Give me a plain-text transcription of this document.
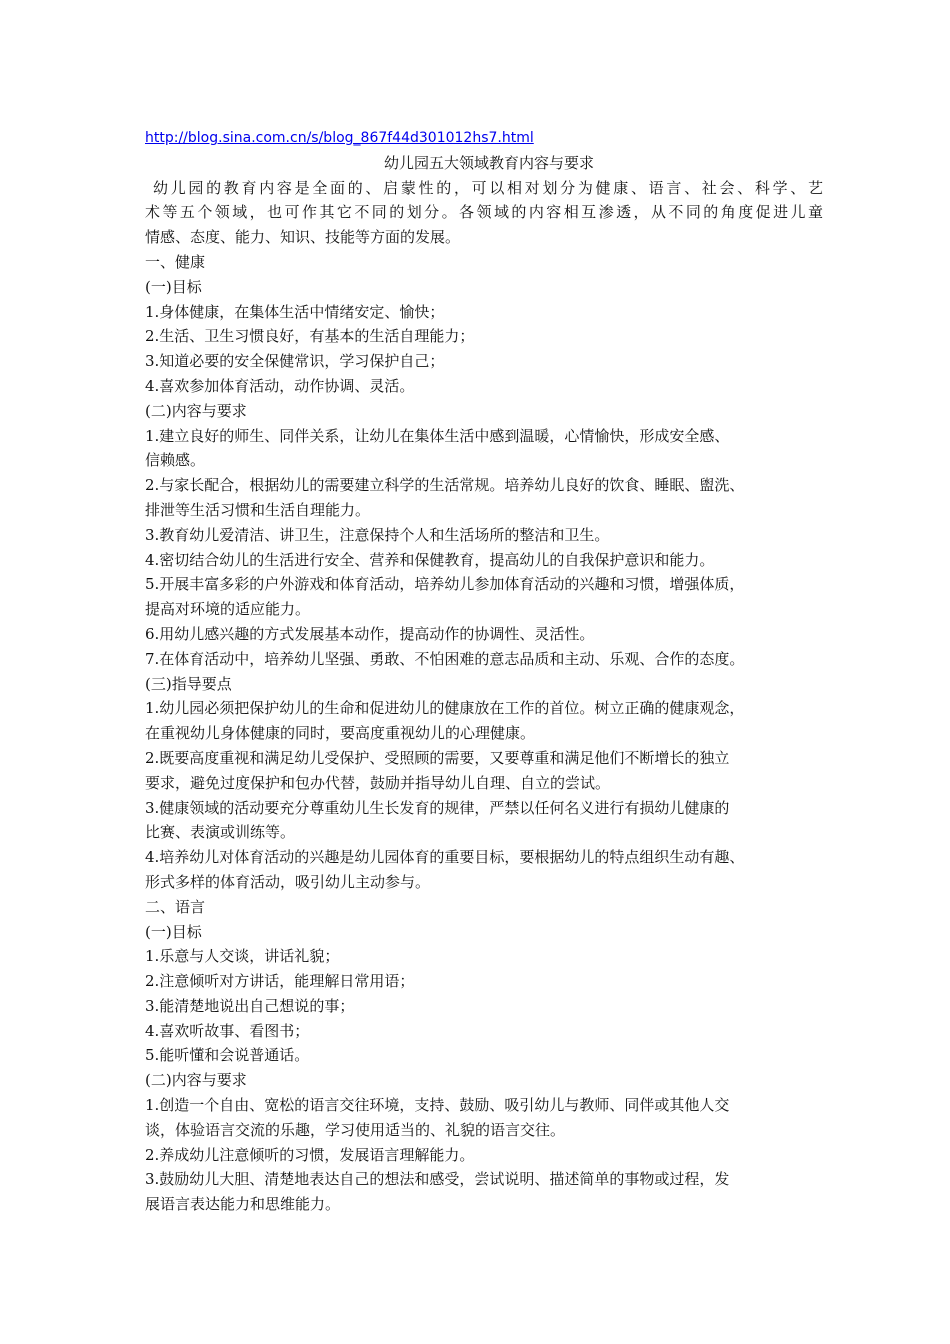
http://blog.sina.com.cn/s/blog_867f44d301012hs7.html
幼儿园五大领域教育内容与要求
幼儿园的教育内容是全面的、启蒙性的，可以相对划分为健康、语言、社会、科学、艺
术等五个领域，也可作其它不同的划分。各领域的内容相互渗透，从不同的角度促进儿童
情感、态度、能力、知识、技能等方面的发展。
一、健康
(一)目标
1.身体健康，在集体生活中情绪安定、愉快；
2.生活、卫生习惯良好，有基本的生活自理能力；
3.知道必要的安全保健常识，学习保护自己；
4.喜欢参加体育活动，动作协调、灵活。
(二)内容与要求
1.建立良好的师生、同伴关系，让幼儿在集体生活中感到温暖，心情愉快，形成安全感、
信赖感。
2.与家长配合，根据幼儿的需要建立科学的生活常规。培养幼儿良好的饮食、睡眠、盥洗、
排泄等生活习惯和生活自理能力。
3.教育幼儿爱清洁、讲卫生，注意保持个人和生活场所的整洁和卫生。
4.密切结合幼儿的生活进行安全、营养和保健教育，提高幼儿的自我保护意识和能力。
5.开展丰富多彩的户外游戏和体育活动，培养幼儿参加体育活动的兴趣和习惯，增强体质，
提高对环境的适应能力。
6.用幼儿感兴趣的方式发展基本动作，提高动作的协调性、灵活性。
7.在体育活动中，培养幼儿坚强、勇敢、不怕困难的意志品质和主动、乐观、合作的态度。
(三)指导要点
1.幼儿园必须把保护幼儿的生命和促进幼儿的健康放在工作的首位。树立正确的健康观念，
在重视幼儿身体健康的同时，要高度重视幼儿的心理健康。
2.既要高度重视和满足幼儿受保护、受照顾的需要，又要尊重和满足他们不断增长的独立
要求，避免过度保护和包办代替，鼓励并指导幼儿自理、自立的尝试。
3.健康领域的活动要充分尊重幼儿生长发育的规律，严禁以任何名义进行有损幼儿健康的
比赛、表演或训练等。
4.培养幼儿对体育活动的兴趣是幼儿园体育的重要目标，要根据幼儿的特点组织生动有趣、
形式多样的体育活动，吸引幼儿主动参与。
二、语言
(一)目标
1.乐意与人交谈，讲话礼貌；
2.注意倾听对方讲话，能理解日常用语；
3.能清楚地说出自己想说的事；
4.喜欢听故事、看图书；
5.能听懂和会说普通话。
(二)内容与要求
1.创造一个自由、宽松的语言交往环境，支持、鼓励、吸引幼儿与教师、同伴或其他人交
谈，体验语言交流的乐趣，学习使用适当的、礼貌的语言交往。
2.养成幼儿注意倾听的习惯，发展语言理解能力。
3.鼓励幼儿大胆、清楚地表达自己的想法和感受，尝试说明、描述简单的事物或过程，发
展语言表达能力和思维能力。
